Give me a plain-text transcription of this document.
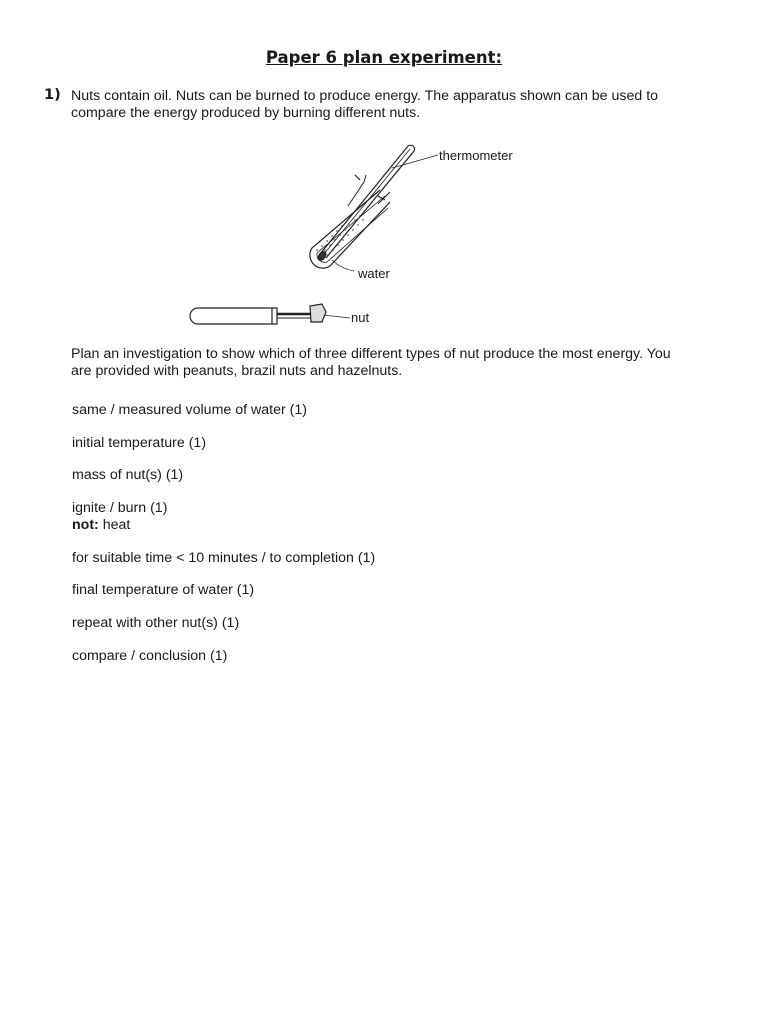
Paper 6 plan experiment:
1) Nuts contain oil. Nuts can be burned to produce energy. The apparatus shown can be used to compare the energy produced by burning different nuts.
thermometer
water
nut
Plan an investigation to show which of three different types of nut produce the most energy. You are provided with peanuts, brazil nuts and hazelnuts.
same / measured volume of water (1)
initial temperature (1)
mass of nut(s) (1)
ignite / burn (1)
not: heat
for suitable time < 10 minutes / to completion (1)
final temperature of water (1)
repeat with other nut(s) (1)
compare / conclusion (1)
